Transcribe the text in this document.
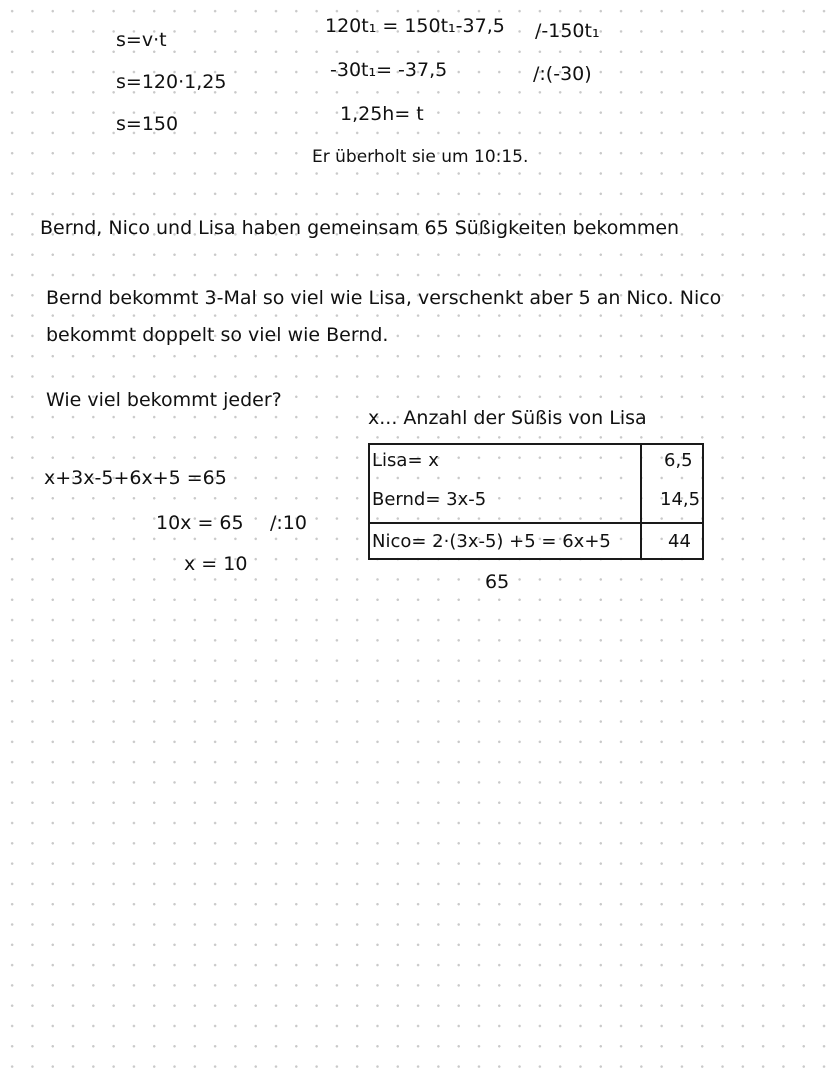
s=v·t
s=120·1,25
s=150
120t₁ = 150t₁-37,5
-30t₁= -37,5
1,25h= t
/-150t₁
/:(-30)
Er überholt sie um 10:15.
Bernd, Nico und Lisa haben gemeinsam 65 Süßigkeiten bekommen
Bernd bekommt 3-Mal so viel wie Lisa, verschenkt aber 5 an Nico. Nico
bekommt doppelt so viel wie Bernd.
Wie viel bekommt jeder?
x... Anzahl der Süßis von Lisa
x+3x-5+6x+5 =65
10x = 65 /:10
x = 10
Lisa= x	6,5
Bernd= 3x-5	14,5
Nico= 2·(3x-5) +5 = 6x+5	44
65
